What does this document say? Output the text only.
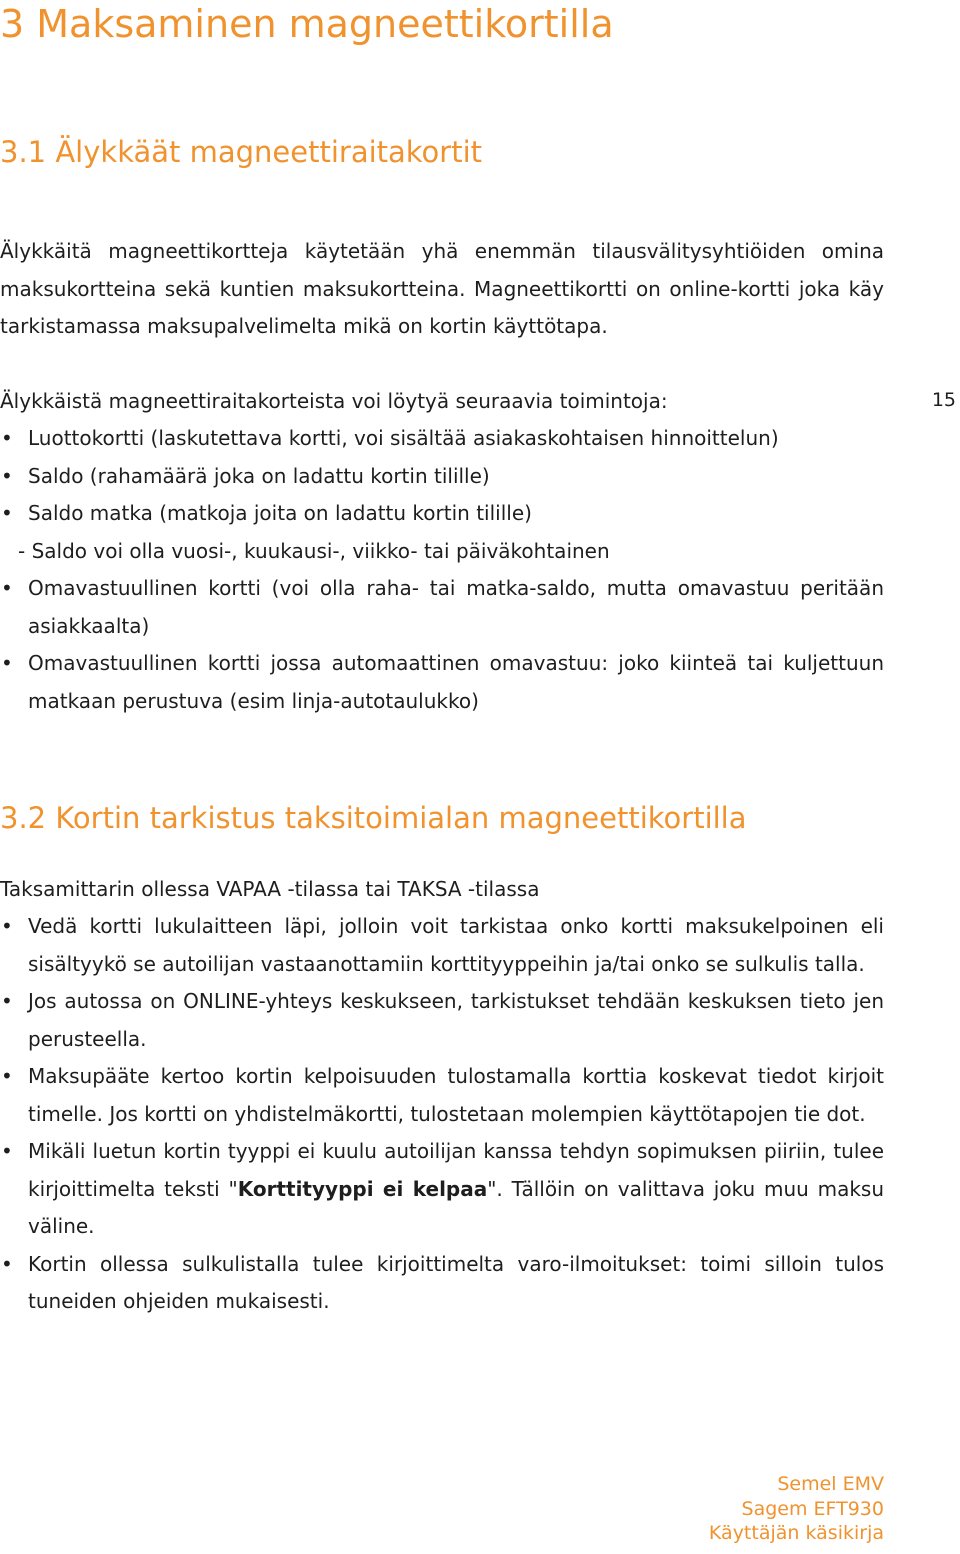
3 Maksaminen magneettikortilla
3.1 Älykkäät magneettiraitakortit

Älykkäitä magneettikortteja käytetään yhä enemmän tilausvälitysyhtiöiden omina maksukortteina sekä kuntien maksukortteina. Magneettikortti on online-kortti joka käy tarkistamassa maksupalvelimelta mikä on kortin käyttötapa.

Älykkäistä magneettiraitakorteista voi löytyä seuraavia toimintoja:	15
• Luottokortti (laskutettava kortti, voi sisältää asiakaskohtaisen hinnoittelun)
• Saldo (rahamäärä joka on ladattu kortin tilille)
• Saldo matka (matkoja joita on ladattu kortin tilille)
- Saldo voi olla vuosi-, kuukausi-, viikko- tai päiväkohtainen
• Omavastuullinen kortti (voi olla raha- tai matka-saldo, mutta omavastuu peritään asiakkaalta)
• Omavastuullinen kortti jossa automaattinen omavastuu: joko kiinteä tai kuljettuun matkaan perustuva (esim linja-autotaulukko)
3.2 Kortin tarkistus taksitoimialan magneettikortilla

Taksamittarin ollessa VAPAA -tilassa tai TAKSA -tilassa

• Vedä kortti lukulaitteen läpi, jolloin voit tarkistaa onko kortti maksukelpoinen eli sisältyykö se autoilijan vastaanottamiin korttityyppeihin ja/tai onko se sulkulis talla.
• Jos autossa on ONLINE-yhteys keskukseen, tarkistukset tehdään keskuksen tieto jen perusteella.
• Maksupääte kertoo kortin kelpoisuuden tulostamalla korttia koskevat tiedot kirjoit timelle. Jos kortti on yhdistelmäkortti, tulostetaan molempien käyttötapojen tie dot.
• Mikäli luetun kortin tyyppi ei kuulu autoilijan kanssa tehdyn sopimuksen piiriin, tulee kirjoittimelta teksti "Korttityyppi ei kelpaa". Tällöin on valittava joku muu maksu väline.
• Kortin ollessa sulkulistalla tulee kirjoittimelta varo-ilmoitukset: toimi silloin tulos tuneiden ohjeiden mukaisesti.
Semel EMV
Sagem EFT930
Käyttäjän käsikirja
